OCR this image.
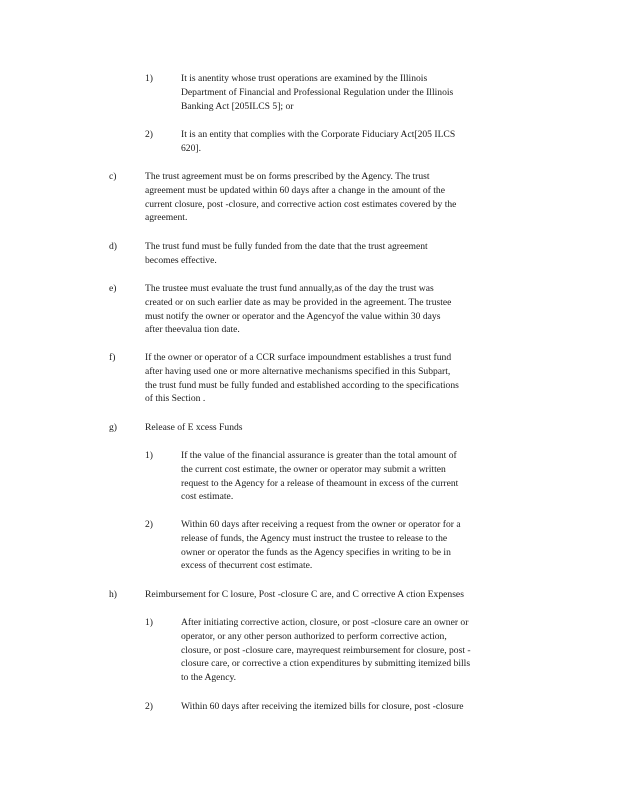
1)	It is anentity whose trust operations are examined by the Illinois
Department of Financial and Professional Regulation under the Illinois
Banking Act [205ILCS 5]; or
2)	It is an entity that complies with the Corporate Fiduciary Act[205 ILCS
620].
c)	The trust agreement must be on forms prescribed by the Agency. The trust
agreement must be updated within 60 days after a change in the amount of the
current closure, post -closure, and corrective action cost estimates covered by the
agreement.
d)	The trust fund must be fully funded from the date that the trust agreement
becomes effective.
e)	The trustee must evaluate the trust fund annually,as of the day the trust was
created or on such earlier date as may be provided in the agreement. The trustee
must notify the owner or operator and the Agencyof the value within 30 days
after theevalua tion date.
f)	If the owner or operator of a CCR surface impoundment establishes a trust fund
after having used one or more alternative mechanisms specified in this Subpart,
the trust fund must be fully funded and established according to the specifications
of this Section .
g)	Release of E xcess Funds
1)	If the value of the financial assurance is greater than the total amount of
the current cost estimate, the owner or operator may submit a written
request to the Agency for a release of theamount in excess of the current
cost estimate.
2)	Within 60 days after receiving a request from the owner or operator for a
release of funds, the Agency must instruct the trustee to release to the
owner or operator the funds as the Agency specifies in writing to be in
excess of thecurrent cost estimate.
h)	Reimbursement for C losure, Post -closure C are, and C orrective A ction Expenses
1)	After initiating corrective action, closure, or post -closure care an owner or
operator, or any other person authorized to perform corrective action,
closure, or post -closure care, mayrequest reimbursement for closure, post -
closure care, or corrective a ction expenditures by submitting itemized bills
to the Agency.
2)	Within 60 days after receiving the itemized bills for closure, post -closure
